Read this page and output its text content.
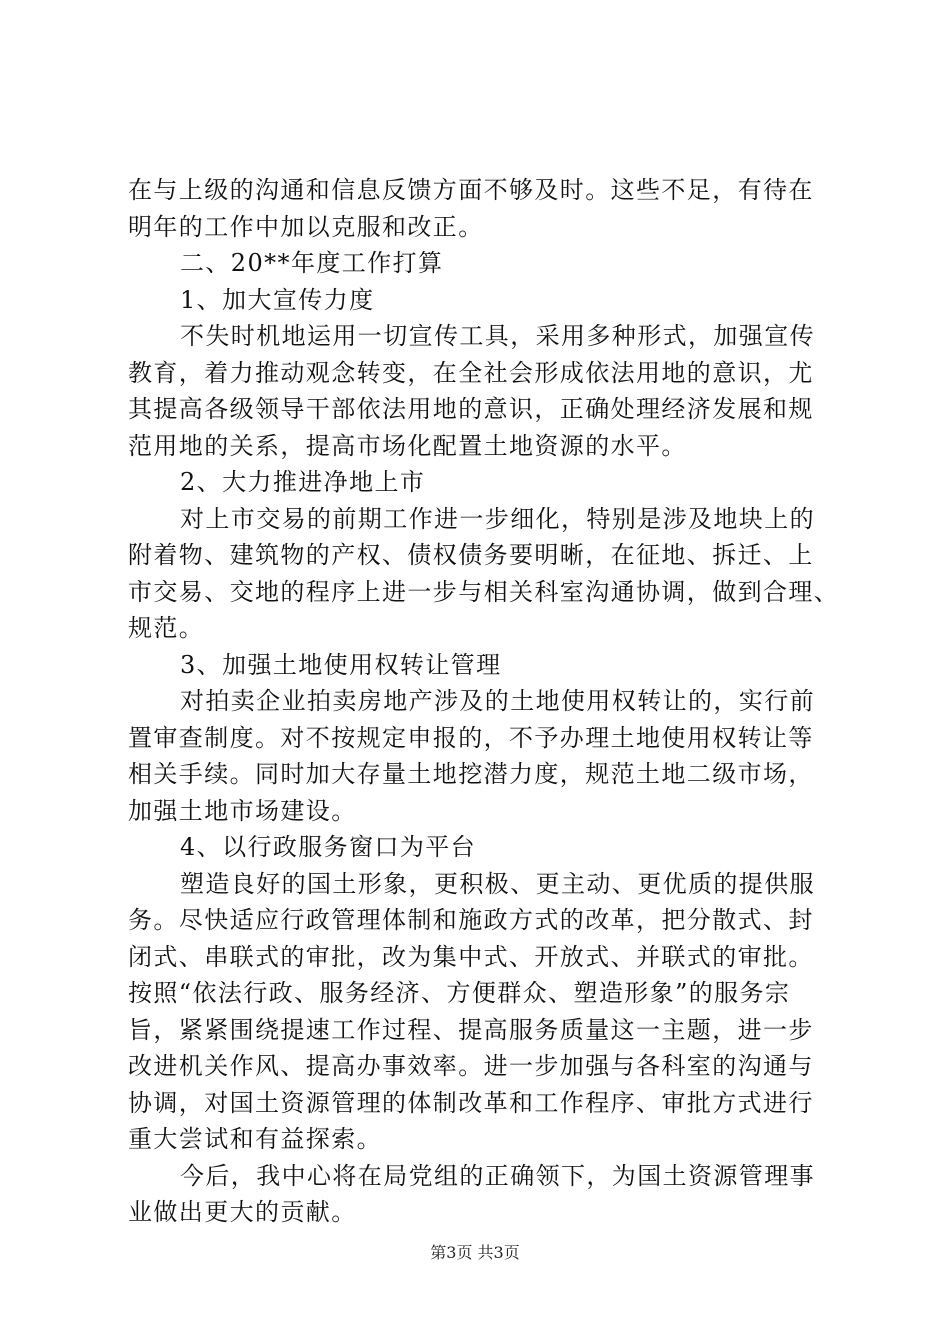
在与上级的沟通和信息反馈方面不够及时。这些不足，有待在
明年的工作中加以克服和改正。
二、20**年度工作打算
1、加大宣传力度
不失时机地运用一切宣传工具，采用多种形式，加强宣传
教育，着力推动观念转变，在全社会形成依法用地的意识，尤
其提高各级领导干部依法用地的意识，正确处理经济发展和规
范用地的关系，提高市场化配置土地资源的水平。
2、大力推进净地上市
对上市交易的前期工作进一步细化，特别是涉及地块上的
附着物、建筑物的产权、债权债务要明晰，在征地、拆迁、上
市交易、交地的程序上进一步与相关科室沟通协调，做到合理、
规范。
3、加强土地使用权转让管理
对拍卖企业拍卖房地产涉及的土地使用权转让的，实行前
置审查制度。对不按规定申报的，不予办理土地使用权转让等
相关手续。同时加大存量土地挖潜力度，规范土地二级市场，
加强土地市场建设。
4、以行政服务窗口为平台
塑造良好的国土形象，更积极、更主动、更优质的提供服
务。尽快适应行政管理体制和施政方式的改革，把分散式、封
闭式、串联式的审批，改为集中式、开放式、并联式的审批。
按照“依法行政、服务经济、方便群众、塑造形象”的服务宗
旨，紧紧围绕提速工作过程、提高服务质量这一主题，进一步
改进机关作风、提高办事效率。进一步加强与各科室的沟通与
协调，对国土资源管理的体制改革和工作程序、审批方式进行
重大尝试和有益探索。
今后，我中心将在局党组的正确领下，为国土资源管理事
业做出更大的贡献。
第3页 共3页
